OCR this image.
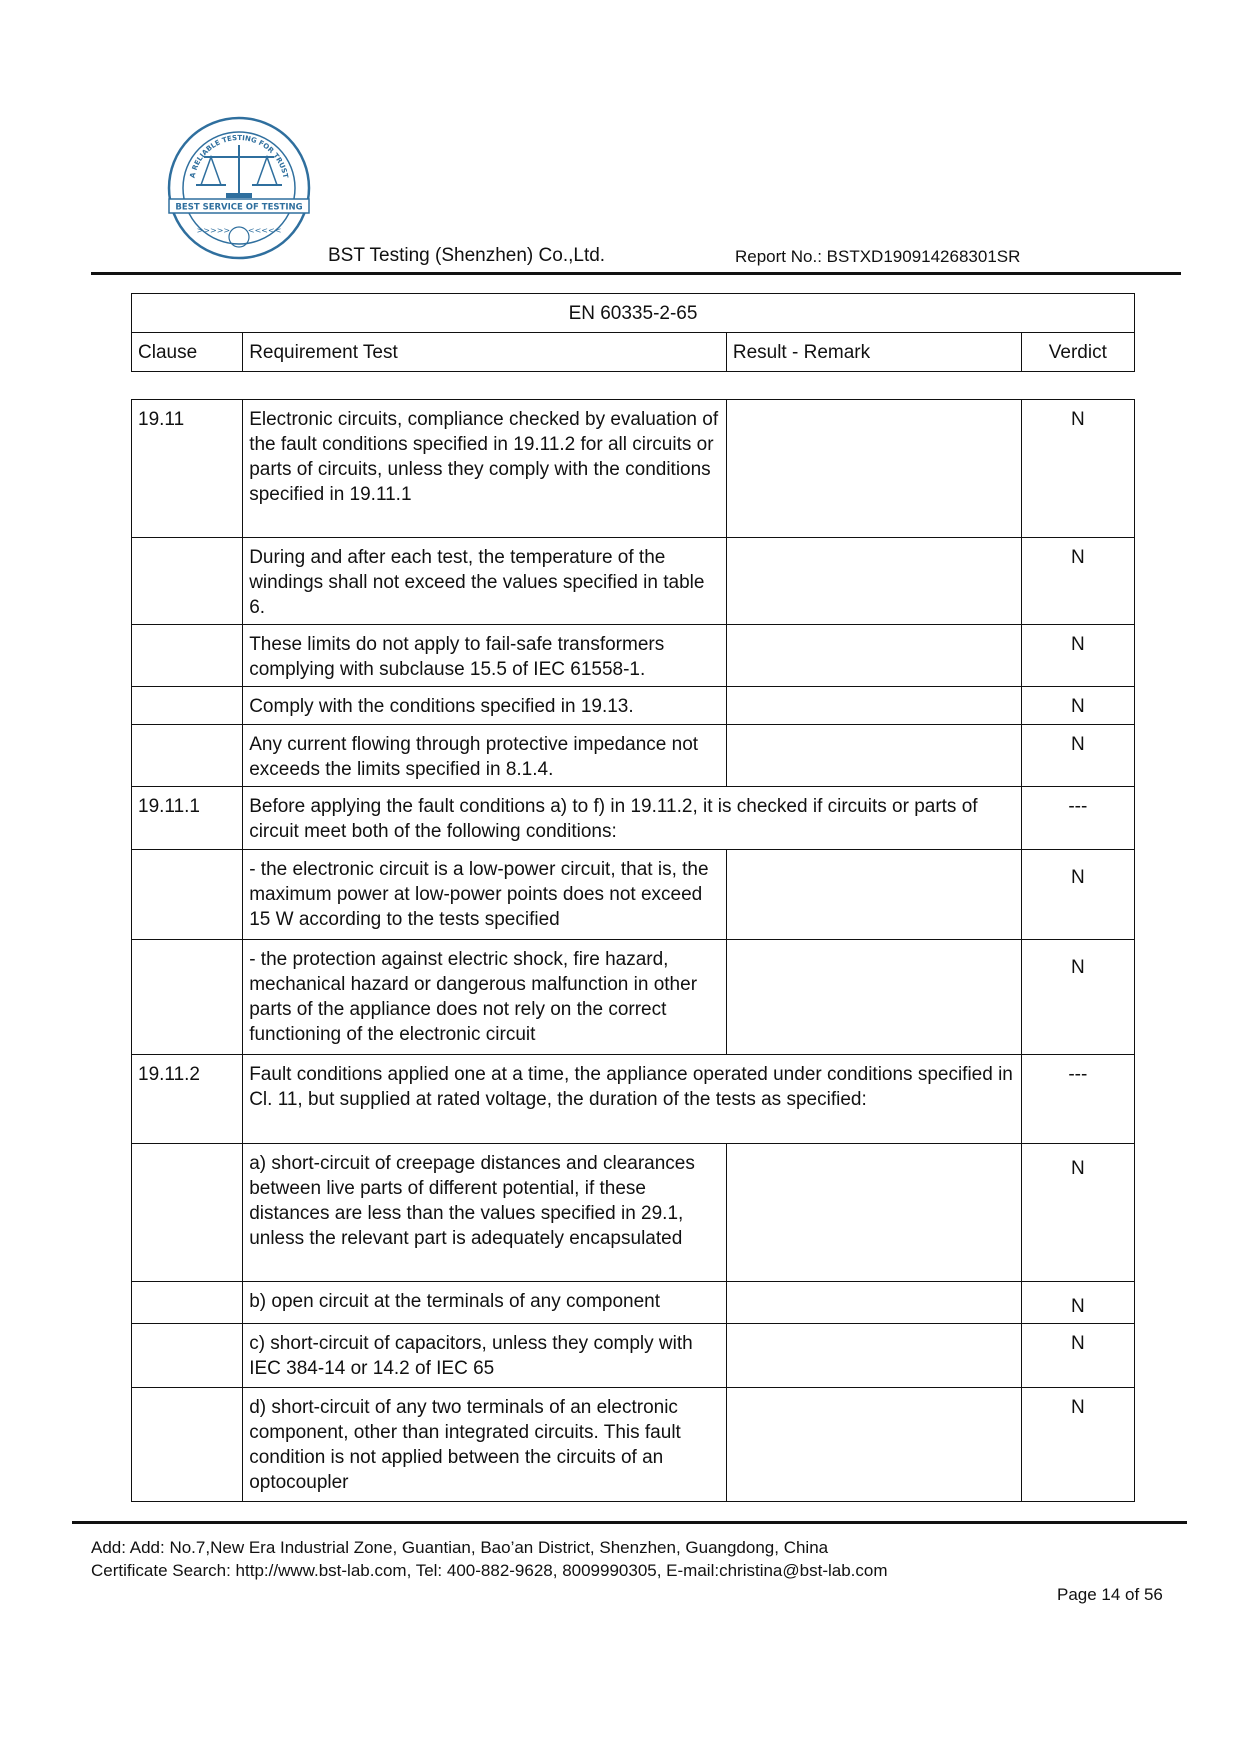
A RELIABLE TESTING FOR TRUST
BEST SERVICE OF TESTING
>>>>>       <<<<<
BST Testing (Shenzhen) Co.,Ltd.	Report No.: BSTXD190914268301SR
EN 60335-2-65
Clause	Requirement Test	Result - Remark	Verdict
19.11	Electronic circuits, compliance checked by evaluation of the fault conditions specified in 19.11.2 for all circuits or parts of circuits, unless they comply with the conditions specified in 19.11.1		N
	During and after each test, the temperature of the windings shall not exceed the values specified in table 6.		N
	These limits do not apply to fail-safe transformers complying with subclause 15.5 of IEC 61558-1.		N
	Comply with the conditions specified in 19.13.		N
	Any current flowing through protective impedance not exceeds the limits specified in 8.1.4.		N
19.11.1	Before applying the fault conditions a) to f) in 19.11.2, it is checked if circuits or parts of circuit meet both of the following conditions:		---
	- the electronic circuit is a low-power circuit, that is, the maximum power at low-power points does not exceed 15 W according to the tests specified		N
	- the protection against electric shock, fire hazard, mechanical hazard or dangerous malfunction in other parts of the appliance does not rely on the correct functioning of the electronic circuit		N
19.11.2	Fault conditions applied one at a time, the appliance operated under conditions specified in Cl. 11, but supplied at rated voltage, the duration of the tests as specified:		---
	a) short-circuit of creepage distances and clearances between live parts of different potential, if these distances are less than the values specified in 29.1, unless the relevant part is adequately encapsulated		N
	b) open circuit at the terminals of any component		N
	c) short-circuit of capacitors, unless they comply with IEC 384-14 or 14.2 of IEC 65		N
	d) short-circuit of any two terminals of an electronic component, other than integrated circuits. This fault condition is not applied between the circuits of an optocoupler		N
Add: Add: No.7,New Era Industrial Zone, Guantian, Bao’an District, Shenzhen, Guangdong, China
Certificate Search: http://www.bst-lab.com, Tel: 400-882-9628, 8009990305, E-mail:christina@bst-lab.com
Page 14 of 56
